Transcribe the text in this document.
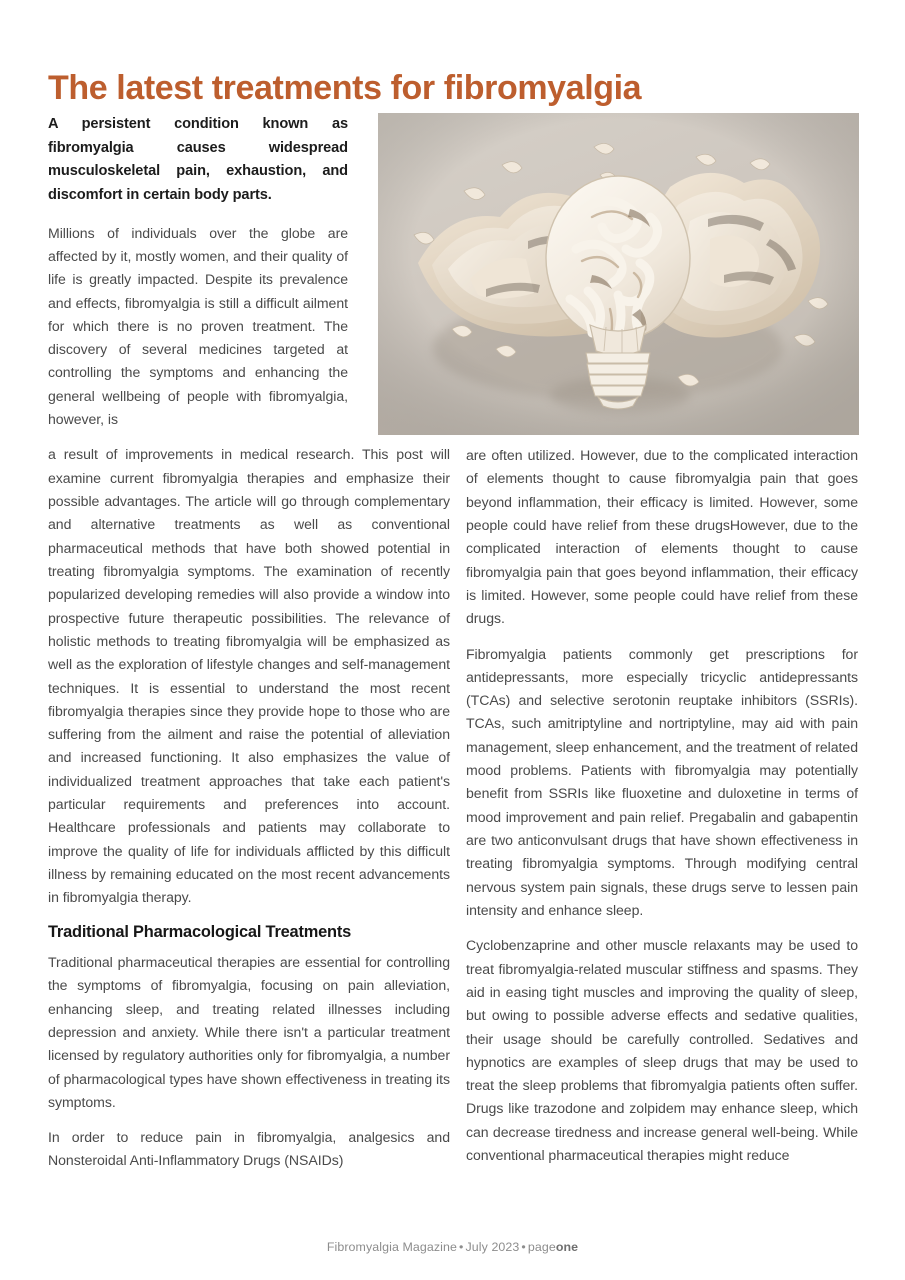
The latest treatments for fibromyalgia

A persistent condition known as fibromyalgia causes widespread musculoskeletal pain, exhaustion, and discomfort in certain body parts.

Millions of individuals over the globe are affected by it, mostly women, and their quality of life is greatly impacted. Despite its prevalence and effects, fibromyalgia is still a difficult ailment for which there is no proven treatment. The discovery of several medicines targeted at controlling the symptoms and enhancing the general wellbeing of people with fibromyalgia, however, is

a result of improvements in medical research. This post will examine current fibromyalgia therapies and emphasize their possible advantages. The article will go through complementary and alternative treatments as well as conventional pharmaceutical methods that have both showed potential in treating fibromyalgia symptoms. The examination of recently popularized developing remedies will also provide a window into prospective future therapeutic possibilities. The relevance of holistic methods to treating fibromyalgia will be emphasized as well as the exploration of lifestyle changes and self-management techniques. It is essential to understand the most recent fibromyalgia therapies since they provide hope to those who are suffering from the ailment and raise the potential of alleviation and increased functioning. It also emphasizes the value of individualized treatment approaches that take each patient's particular requirements and preferences into account. Healthcare professionals and patients may collaborate to improve the quality of life for individuals afflicted by this difficult illness by remaining educated on the most recent advancements in fibromyalgia therapy.

Traditional Pharmacological Treatments

Traditional pharmaceutical therapies are essential for controlling the symptoms of fibromyalgia, focusing on pain alleviation, enhancing sleep, and treating related illnesses including depression and anxiety. While there isn't a particular treatment licensed by regulatory authorities only for fibromyalgia, a number of pharmacological types have shown effectiveness in treating its symptoms.

In order to reduce pain in fibromyalgia, analgesics and Nonsteroidal Anti-Inflammatory Drugs (NSAIDs)

are often utilized. However, due to the complicated interaction of elements thought to cause fibromyalgia pain that goes beyond inflammation, their efficacy is limited. However, some people could have relief from these drugsHowever, due to the complicated interaction of elements thought to cause fibromyalgia pain that goes beyond inflammation, their efficacy is limited. However, some people could have relief from these drugs.

Fibromyalgia patients commonly get prescriptions for antidepressants, more especially tricyclic antidepressants (TCAs) and selective serotonin reuptake inhibitors (SSRIs). TCAs, such amitriptyline and nortriptyline, may aid with pain management, sleep enhancement, and the treatment of related mood problems. Patients with fibromyalgia may potentially benefit from SSRIs like fluoxetine and duloxetine in terms of mood improvement and pain relief. Pregabalin and gabapentin are two anticonvulsant drugs that have shown effectiveness in treating fibromyalgia symptoms. Through modifying central nervous system pain signals, these drugs serve to lessen pain intensity and enhance sleep.

Cyclobenzaprine and other muscle relaxants may be used to treat fibromyalgia-related muscular stiffness and spasms. They aid in easing tight muscles and improving the quality of sleep, but owing to possible adverse effects and sedative qualities, their usage should be carefully controlled. Sedatives and hypnotics are examples of sleep drugs that may be used to treat the sleep problems that fibromyalgia patients often suffer. Drugs like trazodone and zolpidem may enhance sleep, which can decrease tiredness and increase general well-being. While conventional pharmaceutical therapies might reduce

Fibromyalgia Magazine • July 2023 • pageone
